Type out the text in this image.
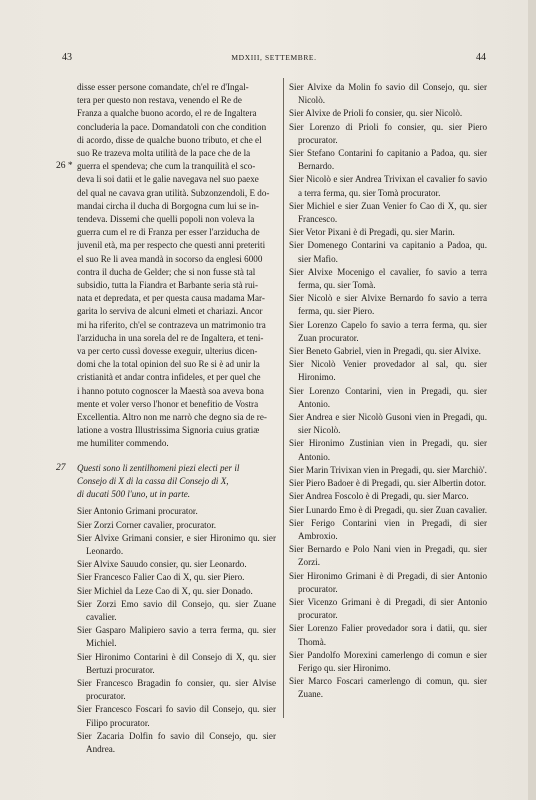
43	MDXIII, SETTEMBRE.	44
26 *
disse esser persone comandate, ch'el re d'Ingal-
tera per questo non restava, venendo el Re de
Franza a qualche buono acordo, el re de Ingaltera
concluderia la pace. Domandatoli con che condition
di acordo, disse de qualche buono tributo, et che el
suo Re trazeva molta utilità de la pace che de la
guerra el spendeva; che cum la tranquilità el sco-
deva li soi datii et le galie navegava nel suo paexe
del qual ne cavava gran utilità. Subzonzendoli, E do-
mandai circha il ducha di Borgogna cum lui se in-
tendeva. Dissemi che quelli popoli non voleva la
guerra cum el re di Franza per esser l'arziducha de
juvenil età, ma per respecto che questi anni preteriti
el suo Re li avea mandà in socorso da englesi 6000
contra il ducha de Gelder; che si non fusse stà tal
subsidio, tutta la Fiandra et Barbante seria stà rui-
nata et depredata, et per questa causa madama Mar-
garita lo serviva de alcuni elmeti et chariazi. Ancor
mi ha riferito, ch'el se contrazeva un matrimonio tra
l'arziducha in una sorela del re de Ingaltera, et teni-
va per certo cussì dovesse exeguir, ulterius dicen-
domi che la total opinion del suo Re si è ad unir la
cristianità et andar contra infideles, et per quel che
i hanno potuto cognoscer la Maestà soa aveva bona
mente et voler verso l'honor et benefitio de Vostra
Excellentia. Altro non me narrò che degno sia de re-
latione a vostra Illustrissima Signoria cuius gratiæ
me humiliter commendo.
27 Questi sono li zentilhomeni piezi electi per il
Consejo di X di la cassa dil Consejo di X,
di ducati 500 l'uno, ut in parte.
Sier Antonio Grimani procurator.
Sier Zorzi Corner cavalier, procurator.
Sier Alvixe Grimani consier, e sier Hironimo qu. sier Leonardo.
Sier Alvixe Sauudo consier, qu. sier Leonardo.
Sier Francesco Falier Cao di X, qu. sier Piero.
Sier Michiel da Leze Cao di X, qu. sier Donado.
Sier Zorzi Emo savio dil Consejo, qu. sier Zuane cavalier.
Sier Gasparo Malipiero savio a terra ferma, qu. sier Michiel.
Sier Hironimo Contarini è dil Consejo di X, qu. sier Bertuzi procurator.
Sier Francesco Bragadin fo consier, qu. sier Alvise procurator.
Sier Francesco Foscari fo savio dil Consejo, qu. sier Filipo procurator.
Sier Zacaria Dolfin fo savio dil Consejo, qu. sier Andrea.
Sier Alvixe da Molin fo savio dil Consejo, qu. sier Nicolò.
Sier Alvixe de Prioli fo consier, qu. sier Nicolò.
Sier Lorenzo di Prioli fo consier, qu. sier Piero procurator.
Sier Stefano Contarini fo capitanio a Padoa, qu. sier Bernardo.
Sier Nicolò e sier Andrea Trivixan el cavalier fo savio a terra ferma, qu. sier Tomà procurator.
Sier Michiel e sier Zuan Venier fo Cao di X, qu. sier Francesco.
Sier Vetor Pixani è di Pregadi, qu. sier Marin.
Sier Domenego Contarini va capitanio a Padoa, qu. sier Mafio.
Sier Alvixe Mocenigo el cavalier, fo savio a terra ferma, qu. sier Tomà.
Sier Nicolò e sier Alvixe Bernardo fo savio a terra ferma, qu. sier Piero.
Sier Lorenzo Capelo fo savio a terra ferma, qu. sier Zuan procurator.
Sier Beneto Gabriel, vien in Pregadi, qu. sier Alvixe.
Sier Nicolò Venier provedador al sal, qu. sier Hironimo.
Sier Lorenzo Contarini, vien in Pregadi, qu. sier Antonio.
Sier Andrea e sier Nicolò Gusoni vien in Pregadi, qu. sier Nicolò.
Sier Hironimo Zustinian vien in Pregadi, qu. sier Antonio.
Sier Marin Trivixan vien in Pregadi, qu. sier Marchiò'.
Sier Piero Badoer è di Pregadi, qu. sier Albertin dotor.
Sier Andrea Foscolo è di Pregadi, qu. sier Marco.
Sier Lunardo Emo è di Pregadi, qu. sier Zuan cavalier.
Sier Ferigo Contarini vien in Pregadi, di sier Ambroxio.
Sier Bernardo e Polo Nani vien in Pregadi, qu. sier Zorzi.
Sier Hironimo Grimani è di Pregadi, di sier Antonio procurator.
Sier Vicenzo Grimani è di Pregadi, di sier Antonio procurator.
Sier Lorenzo Falier provedador sora i datii, qu. sier Thomà.
Sier Pandolfo Morexini camerlengo di comun e sier Ferigo qu. sier Hironimo.
Sier Marco Foscari camerlengo di comun, qu. sier Zuane.
